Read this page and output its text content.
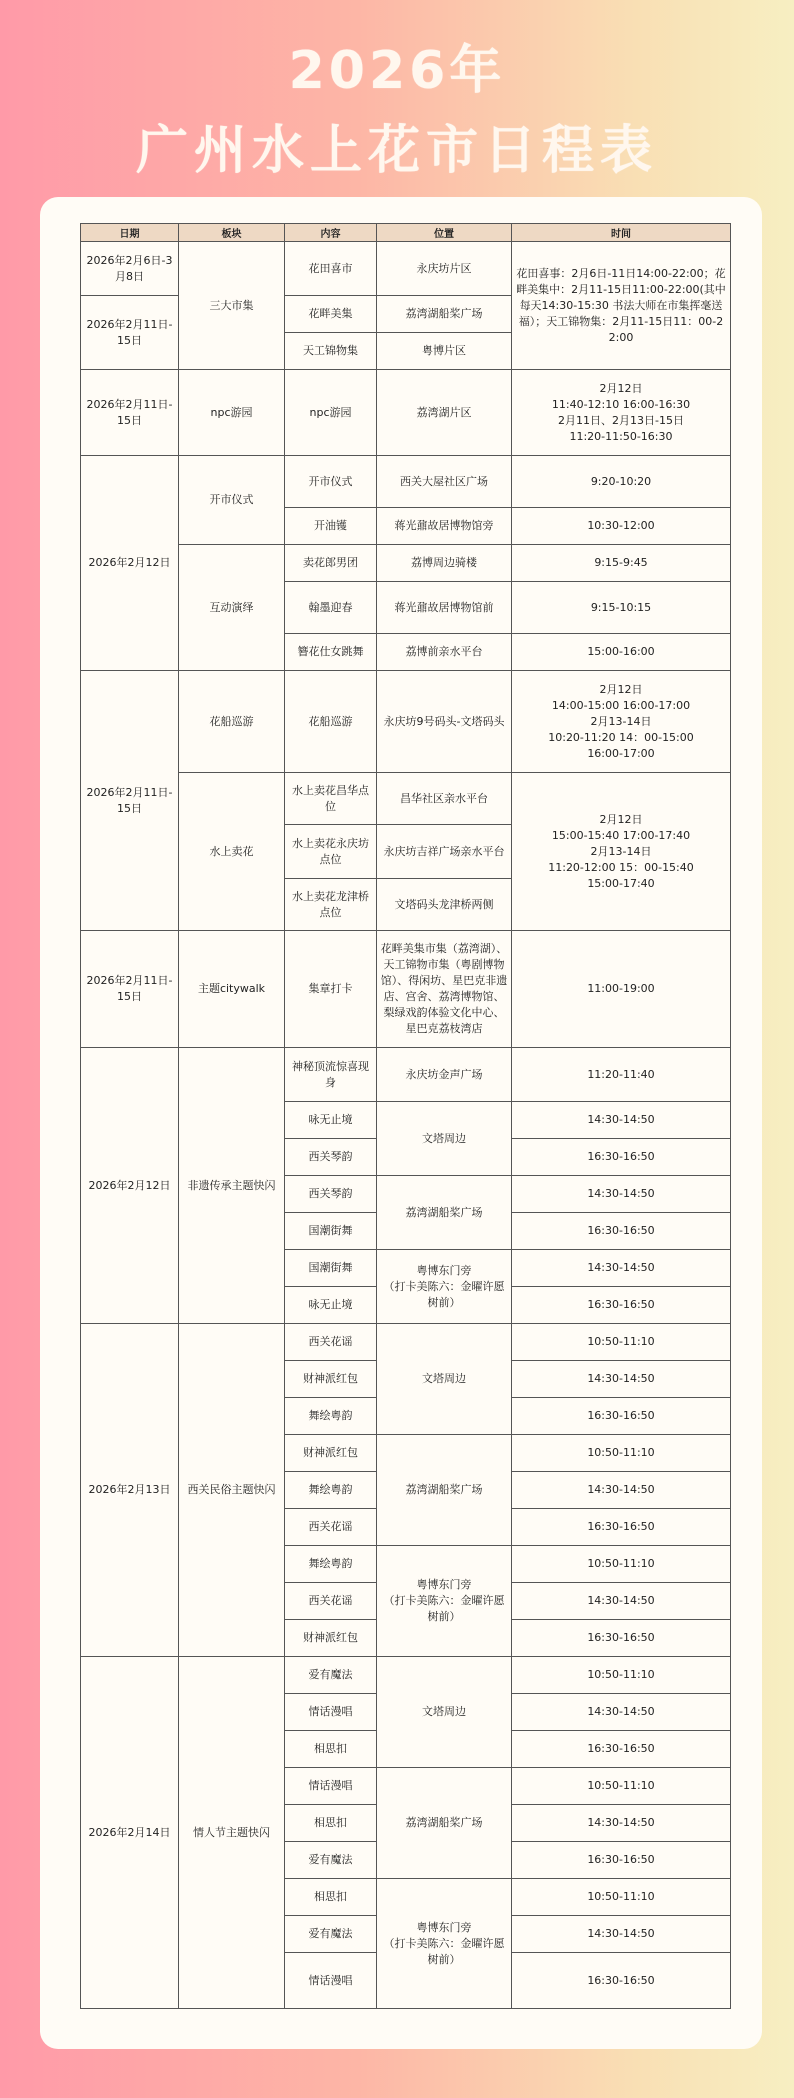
2026年
广州水上花市日程表
日期	板块	内容	位置	时间
2026年2月6日-3月8日	三大市集	花田喜市	永庆坊片区	花田喜事：2月6日-11日14:00-22:00；花畔美集中：2月11-15日11:00-22:00(其中每天14:30-15:30 书法大师在市集挥毫送福）；天工锦物集：2月11-15日11：00-22:00
2026年2月11日-15日		花畔美集	荔湾湖船桨广场	
		天工锦物集	粤博片区	
2026年2月11日-15日	npc游园	npc游园	荔湾湖片区	2月12日
11:40-12:10 16:00-16:30
2月11日、2月13日-15日
11:20-11:50-16:30

2026年2月12日	开市仪式	开市仪式	西关大屋社区广场	9:20-10:20
		开油镬	蒋光鼐故居博物馆旁	10:30-12:00
	互动演绎	卖花郎男团	荔博周边骑楼	9:15-9:45
		翰墨迎春	蒋光鼐故居博物馆前	9:15-10:15
		簪花仕女跳舞	荔博前亲水平台	15:00-16:00
2026年2月11日-15日	花船巡游	花船巡游	永庆坊9号码头-文塔码头	2月12日
14:00-15:00 16:00-17:00
2月13-14日
10:20-11:20 14：00-15:00
16:00-17:00

	水上卖花	水上卖花昌华点位	昌华社区亲水平台	2月12日
15:00-15:40 17:00-17:40
2月13-14日
11:20-12:00 15：00-15:40
15:00-17:40

		水上卖花永庆坊点位	永庆坊吉祥广场亲水平台	
		水上卖花龙津桥点位	文塔码头龙津桥两侧	
2026年2月11日-15日	主题citywalk	集章打卡	花畔美集市集（荔湾湖）、天工锦物市集（粤剧博物馆）、得闲坊、星巴克非遗店、宫舍、荔湾博物馆、梨绿戏韵体验文化中心、星巴克荔枝湾店	11:00-19:00
2026年2月12日	非遗传承主题快闪	神秘顶流惊喜现身	永庆坊金声广场	11:20-11:40
		咏无止境	文塔周边	14:30-14:50
		西关琴韵		16:30-16:50
		西关琴韵	荔湾湖船桨广场	14:30-14:50
		国潮街舞		16:30-16:50
		国潮街舞	粤博东门旁
（打卡美陈六：金曜许愿
树前）	14:30-14:50
		咏无止境		16:30-16:50
2026年2月13日	西关民俗主题快闪	西关花谣	文塔周边	10:50-11:10
		财神派红包		14:30-14:50
		舞绘粤韵		16:30-16:50
		财神派红包	荔湾湖船桨广场	10:50-11:10
		舞绘粤韵		14:30-14:50
		西关花谣		16:30-16:50
		舞绘粤韵	粤博东门旁
（打卡美陈六：金曜许愿
树前）	10:50-11:10
		西关花谣		14:30-14:50
		财神派红包		16:30-16:50
2026年2月14日	情人节主题快闪	爱有魔法	文塔周边	10:50-11:10
		情话漫唱		14:30-14:50
		相思扣		16:30-16:50
		情话漫唱	荔湾湖船桨广场	10:50-11:10
		相思扣		14:30-14:50
		爱有魔法		16:30-16:50
		相思扣	粤博东门旁
（打卡美陈六：金曜许愿
树前）	10:50-11:10
		爱有魔法		14:30-14:50
		情话漫唱		16:30-16:50
